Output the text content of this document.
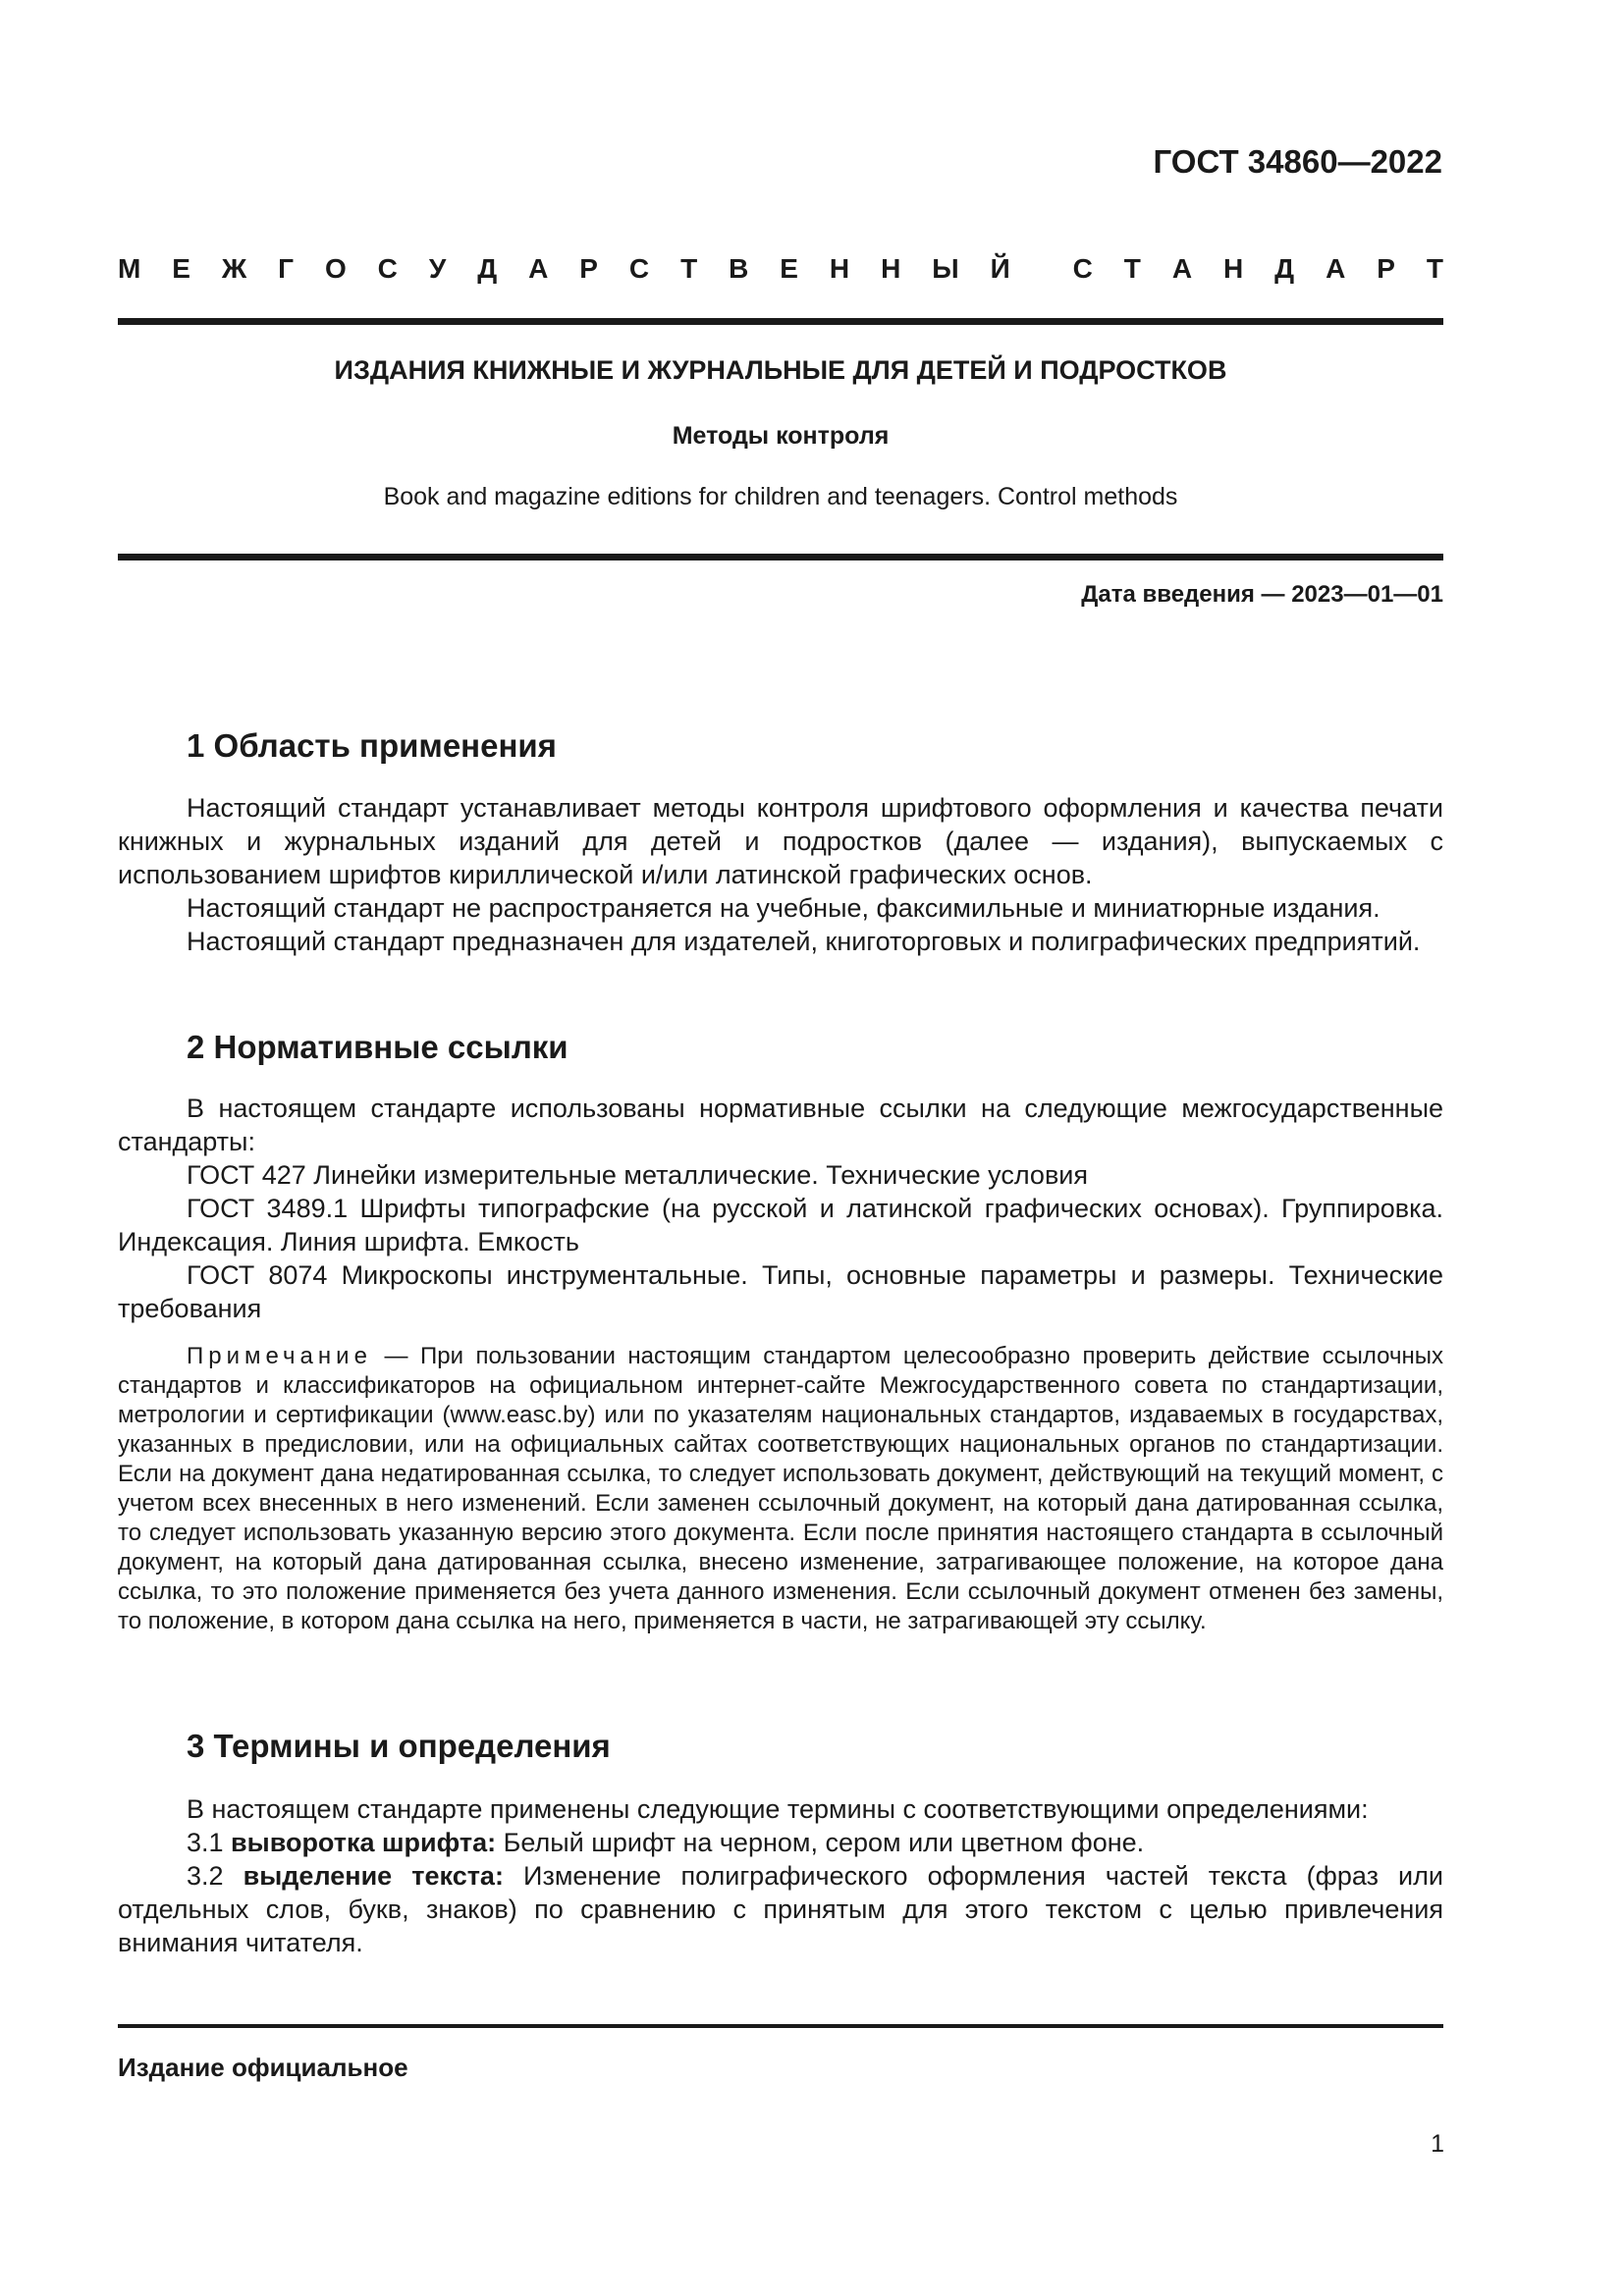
ГОСТ 34860—2022

М Е Ж Г О С У Д А Р С Т В Е Н Н Ы Й С Т А Н Д А Р Т

ИЗДАНИЯ КНИЖНЫЕ И ЖУРНАЛЬНЫЕ ДЛЯ ДЕТЕЙ И ПОДРОСТКОВ

Методы контроля

Book and magazine editions for children and teenagers. Control methods

Дата введения — 2023—01—01

1 Область применения

Настоящий стандарт устанавливает методы контроля шрифтового оформления и качества печати книжных и журнальных изданий для детей и подростков (далее — издания), выпускаемых с использованием шрифтов кириллической и/или латинской графических основ.

Настоящий стандарт не распространяется на учебные, факсимильные и миниатюрные издания.

Настоящий стандарт предназначен для издателей, книготорговых и полиграфических предприятий.

2 Нормативные ссылки

В настоящем стандарте использованы нормативные ссылки на следующие межгосударственные стандарты:

ГОСТ 427 Линейки измерительные металлические. Технические условия

ГОСТ 3489.1 Шрифты типографские (на русской и латинской графических основах). Группировка. Индексация. Линия шрифта. Емкость

ГОСТ 8074 Микроскопы инструментальные. Типы, основные параметры и размеры. Технические требования

Примечание — При пользовании настоящим стандартом целесообразно проверить действие ссылочных стандартов и классификаторов на официальном интернет-сайте Межгосударственного совета по стандартизации, метрологии и сертификации (www.easc.by) или по указателям национальных стандартов, издаваемых в государствах, указанных в предисловии, или на официальных сайтах соответствующих национальных органов по стандартизации. Если на документ дана недатированная ссылка, то следует использовать документ, действующий на текущий момент, с учетом всех внесенных в него изменений. Если заменен ссылочный документ, на который дана датированная ссылка, то следует использовать указанную версию этого документа. Если после принятия настоящего стандарта в ссылочный документ, на который дана датированная ссылка, внесено изменение, затрагивающее положение, на которое дана ссылка, то это положение применяется без учета данного изменения. Если ссылочный документ отменен без замены, то положение, в котором дана ссылка на него, применяется в части, не затрагивающей эту ссылку.

3 Термины и определения

В настоящем стандарте применены следующие термины с соответствующими определениями:

3.1 выворотка шрифта: Белый шрифт на черном, сером или цветном фоне.

3.2 выделение текста: Изменение полиграфического оформления частей текста (фраз или отдельных слов, букв, знаков) по сравнению с принятым для этого текстом с целью привлечения внимания читателя.

Издание официальное

1
